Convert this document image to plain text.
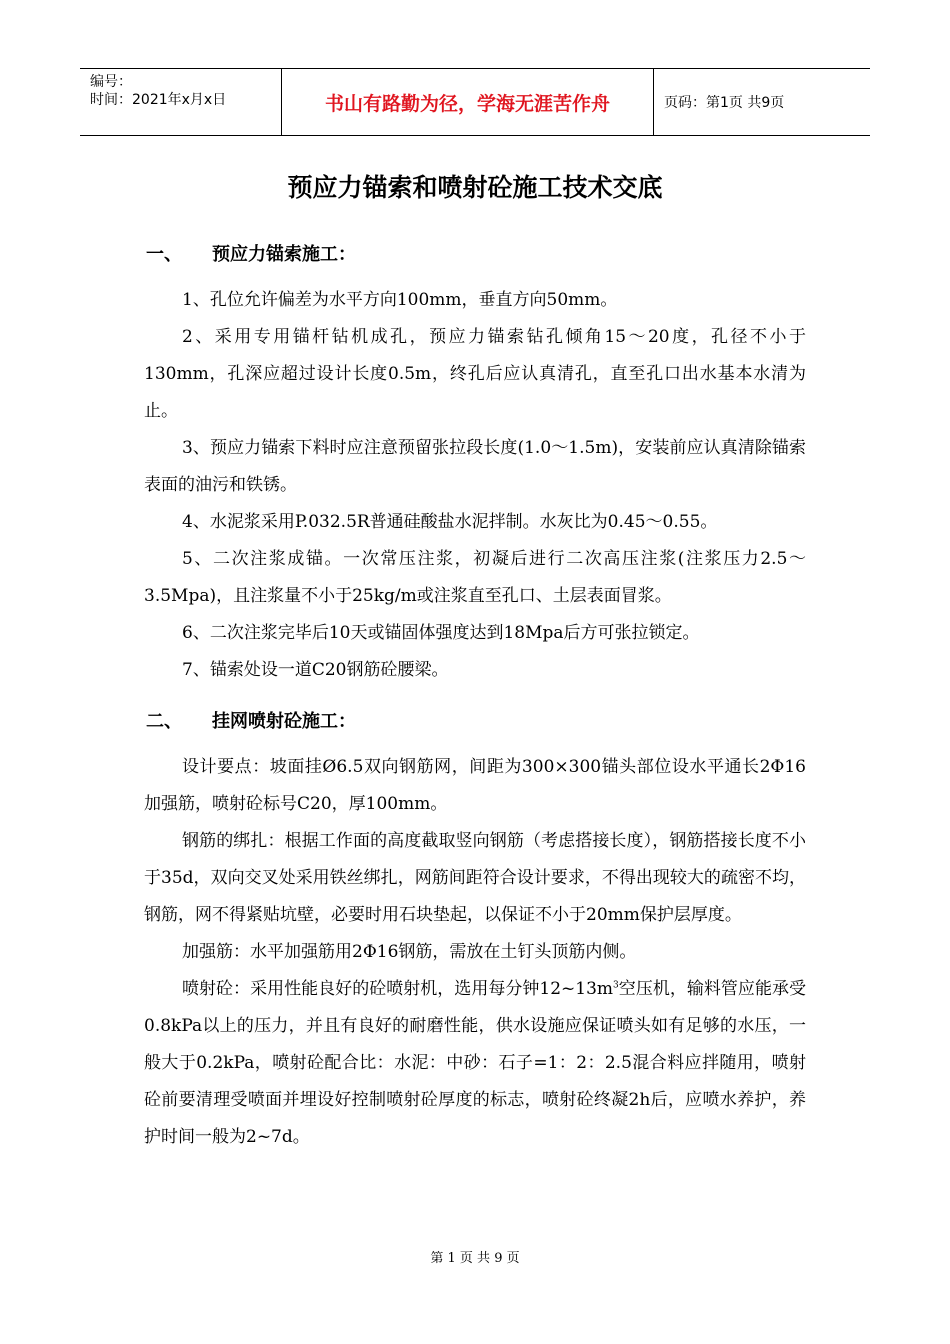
编号：
时间：2021年x月x日	书山有路勤为径，学海无涯苦作舟	页码：第1页 共9页
预应力锚索和喷射砼施工技术交底
一、 预应力锚索施工：

1、孔位允许偏差为水平方向100mm，垂直方向50mm。

2、采用专用锚杆钻机成孔，预应力锚索钻孔倾角15～20度，孔径不小于130mm，孔深应超过设计长度0.5m，终孔后应认真清孔，直至孔口出水基本水清为止。

3、预应力锚索下料时应注意预留张拉段长度(1.0～1.5m)，安装前应认真清除锚索表面的油污和铁锈。

4、水泥浆采用P.032.5R普通硅酸盐水泥拌制。水灰比为0.45～0.55。

5、二次注浆成锚。一次常压注浆，初凝后进行二次高压注浆(注浆压力2.5～3.5Mpa)，且注浆量不小于25kg/m或注浆直至孔口、土层表面冒浆。

6、二次注浆完毕后10天或锚固体强度达到18Mpa后方可张拉锁定。

7、锚索处设一道C20钢筋砼腰梁。

二、 挂网喷射砼施工：

设计要点：坡面挂Ø6.5双向钢筋网，间距为300×300锚头部位设水平通长2Φ16加强筋，喷射砼标号C20，厚100mm。

钢筋的绑扎：根据工作面的高度截取竖向钢筋（考虑搭接长度），钢筋搭接长度不小于35d，双向交叉处采用铁丝绑扎，网筋间距符合设计要求，不得出现较大的疏密不均，钢筋，网不得紧贴坑壁，必要时用石块垫起，以保证不小于20mm保护层厚度。

加强筋：水平加强筋用2Φ16钢筋，需放在土钉头顶筋内侧。

喷射砼：采用性能良好的砼喷射机，选用每分钟$12\sim 13m^3$空压机，输料管应能承受0.8kPa以上的压力，并且有良好的耐磨性能，供水设施应保证喷头如有足够的水压，一般大于0.2kPa，喷射砼配合比：水泥：中砂：石子=1：2：2.5混合料应拌随用，喷射砼前要清理受喷面并埋设好控制喷射砼厚度的标志，喷射砼终凝2h后，应喷水养护，养护时间一般为2~7d。

第 1 页 共 9 页
